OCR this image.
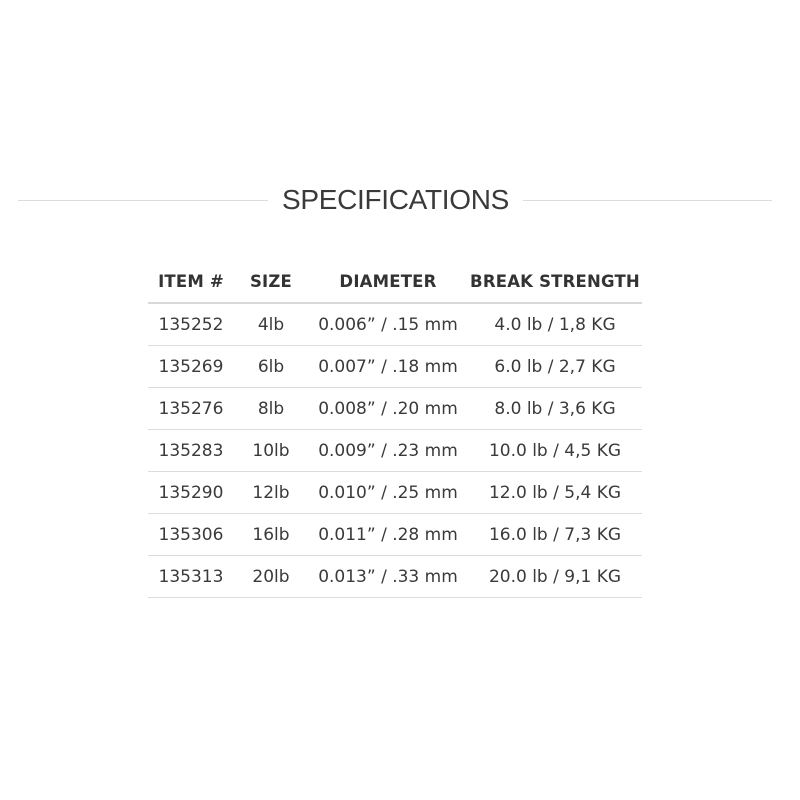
SPECIFICATIONS
ITEM #	SIZE	DIAMETER	BREAK STRENGTH
135252	4lb	0.006” / .15 mm	4.0 lb / 1,8 KG
135269	6lb	0.007” / .18 mm	6.0 lb / 2,7 KG
135276	8lb	0.008” / .20 mm	8.0 lb / 3,6 KG
135283	10lb	0.009” / .23 mm	10.0 lb / 4,5 KG
135290	12lb	0.010” / .25 mm	12.0 lb / 5,4 KG
135306	16lb	0.011” / .28 mm	16.0 lb / 7,3 KG
135313	20lb	0.013” / .33 mm	20.0 lb / 9,1 KG
